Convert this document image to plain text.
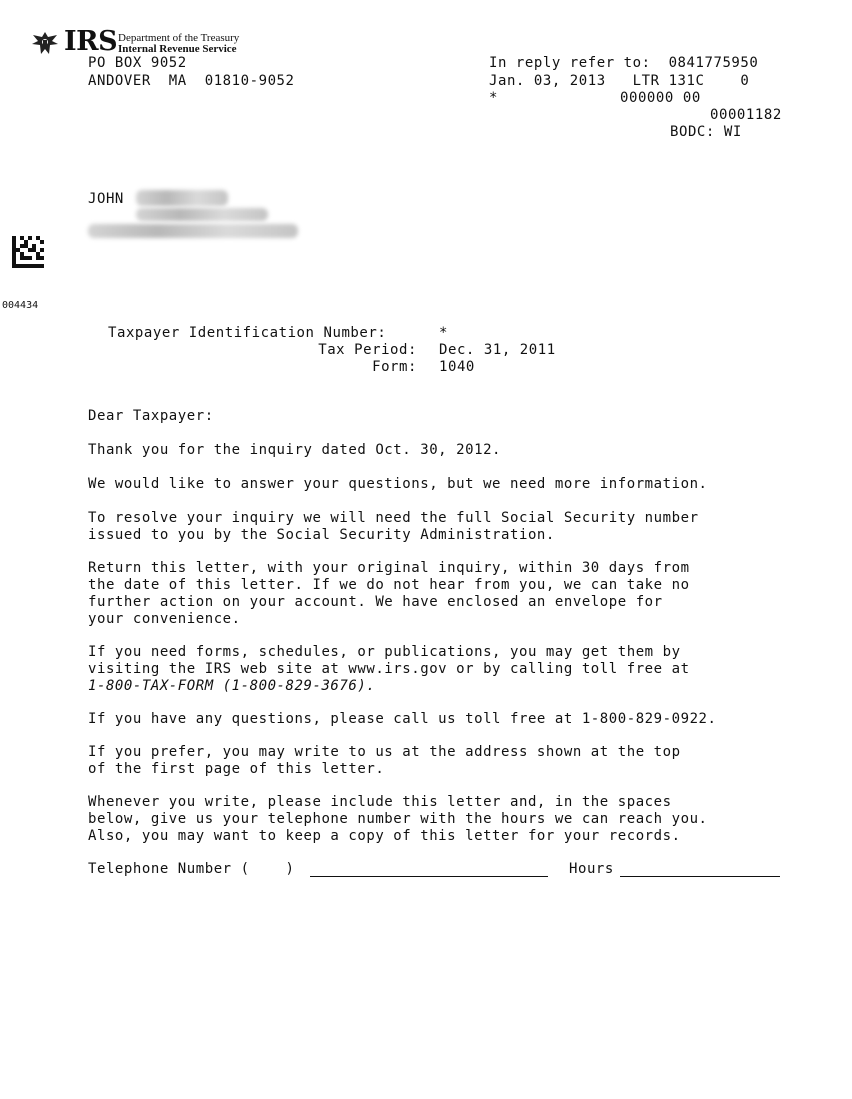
IRS Department of the Treasury
Internal Revenue Service
PO BOX 9052
ANDOVER  MA  01810-9052
In reply refer to:  0841775950
Jan. 03, 2013   LTR 131C    0
*	000000 00
00001182
BODC: WI
JOHN
004434
Taxpayer Identification Number:	*
Tax Period: Dec. 31, 2011
Form: 1040
Dear Taxpayer:
Thank you for the inquiry dated Oct. 30, 2012.
We would like to answer your questions, but we need more information.
To resolve your inquiry we will need the full Social Security number
issued to you by the Social Security Administration.
Return this letter, with your original inquiry, within 30 days from
the date of this letter. If we do not hear from you, we can take no
further action on your account. We have enclosed an envelope for
your convenience.
If you need forms, schedules, or publications, you may get them by
visiting the IRS web site at www.irs.gov or by calling toll free at
1-800-TAX-FORM (1-800-829-3676).
If you have any questions, please call us toll free at 1-800-829-0922.
If you prefer, you may write to us at the address shown at the top
of the first page of this letter.
Whenever you write, please include this letter and, in the spaces
below, give us your telephone number with the hours we can reach you.
Also, you may want to keep a copy of this letter for your records.
Telephone Number (    )	Hours
